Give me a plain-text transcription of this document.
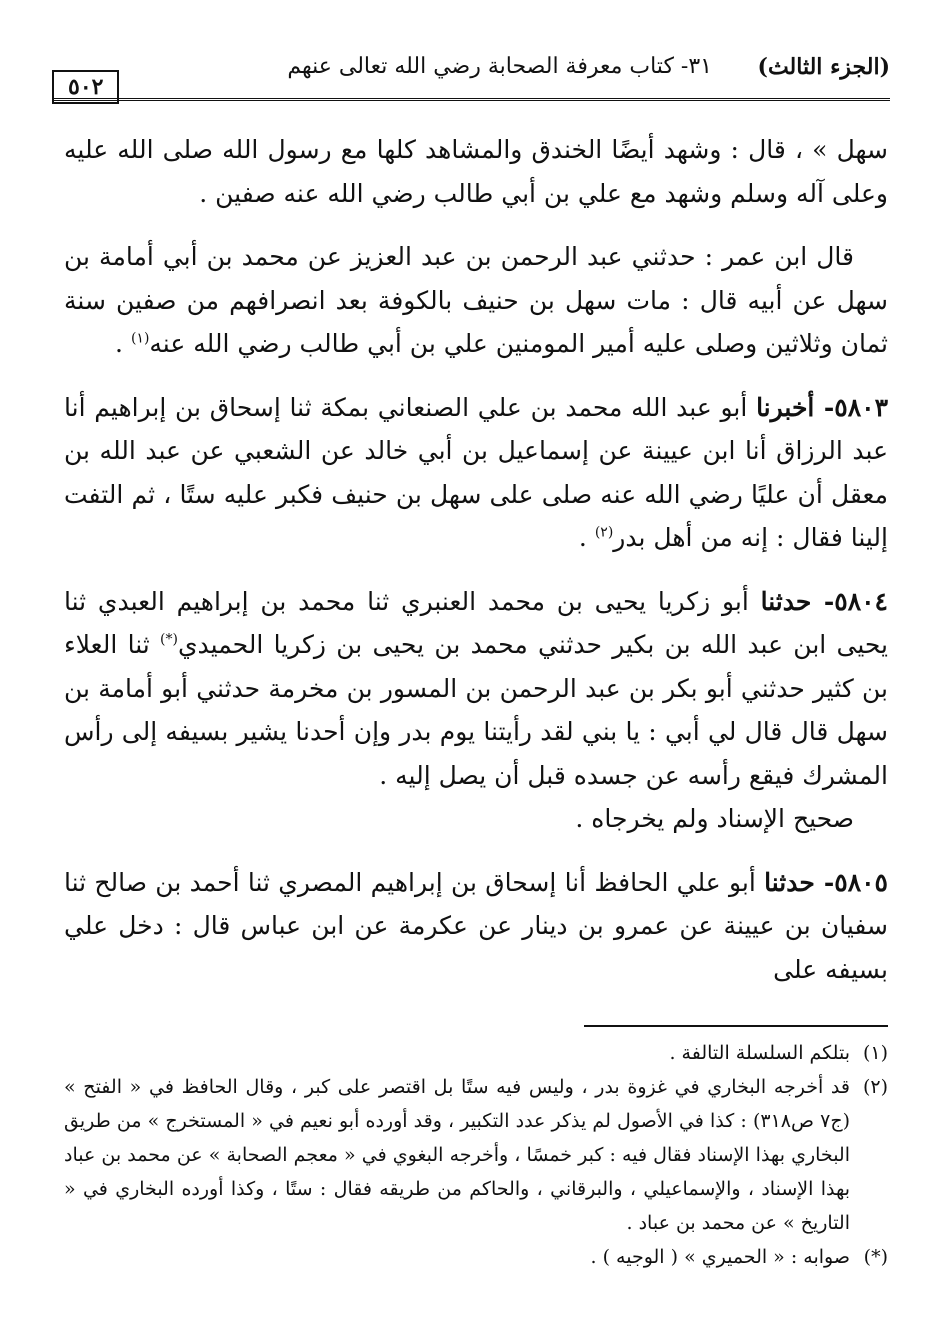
٥٠٢
٣١- كتاب معرفة الصحابة رضي الله تعالى عنهم (الجزء الثالث)

سهل » ، قال : وشهد أيضًا الخندق والمشاهد كلها مع رسول الله صلى الله عليه وعلى آله وسلم وشهد مع علي بن أبي طالب رضي الله عنه صفين .

قال ابن عمر : حدثني عبد الرحمن بن عبد العزيز عن محمد بن أبي أمامة بن سهل عن أبيه قال : مات سهل بن حنيف بالكوفة بعد انصرافهم من صفين سنة ثمان وثلاثين وصلى عليه أمير المومنين علي بن أبي طالب رضي الله عنه$^{(١)}$ .

٥٨٠٣- أخبرنا أبو عبد الله محمد بن علي الصنعاني بمكة ثنا إسحاق بن إبراهيم أنا عبد الرزاق أنا ابن عيينة عن إسماعيل بن أبي خالد عن الشعبي عن عبد الله بن معقل أن عليًا رضي الله عنه صلى على سهل بن حنيف فكبر عليه ستًا ، ثم التفت إلينا فقال : إنه من أهل بدر$^{(٢)}$ .

٥٨٠٤- حدثنا أبو زكريا يحيى بن محمد العنبري ثنا محمد بن إبراهيم العبدي ثنا يحيى ابن عبد الله بن بكير حدثني محمد بن يحيى بن زكريا الحميدي(*) ثنا العلاء بن كثير حدثني أبو بكر بن عبد الرحمن بن المسور بن مخرمة حدثني أبو أمامة بن سهل قال قال لي أبي : يا بني لقد رأيتنا يوم بدر وإن أحدنا يشير بسيفه إلى رأس المشرك فيقع رأسه عن جسده قبل أن يصل إليه .

صحيح الإسناد ولم يخرجاه .

٥٨٠٥- حدثنا أبو علي الحافظ أنا إسحاق بن إبراهيم المصري ثنا أحمد بن صالح ثنا سفيان بن عيينة عن عمرو بن دينار عن عكرمة عن ابن عباس قال : دخل علي بسيفه على

(١)
بتلكم السلسلة التالفة .

(٢)
قد أخرجه البخاري في غزوة بدر ، وليس فيه ستًا بل اقتصر على كبر ، وقال الحافظ في « الفتح » (ج٧ ص٣١٨) : كذا في الأصول لم يذكر عدد التكبير ، وقد أورده أبو نعيم في « المستخرج » من طريق البخاري بهذا الإسناد فقال فيه : كبر خمسًا ، وأخرجه البغوي في « معجم الصحابة » عن محمد بن عباد بهذا الإسناد ، والإسماعيلي ، والبرقاني ، والحاكم من طريقه فقال : ستًا ، وكذا أورده البخاري في « التاريخ » عن محمد بن عباد .

(*)
صوابه : « الحميري » ( الوجيه ) .
